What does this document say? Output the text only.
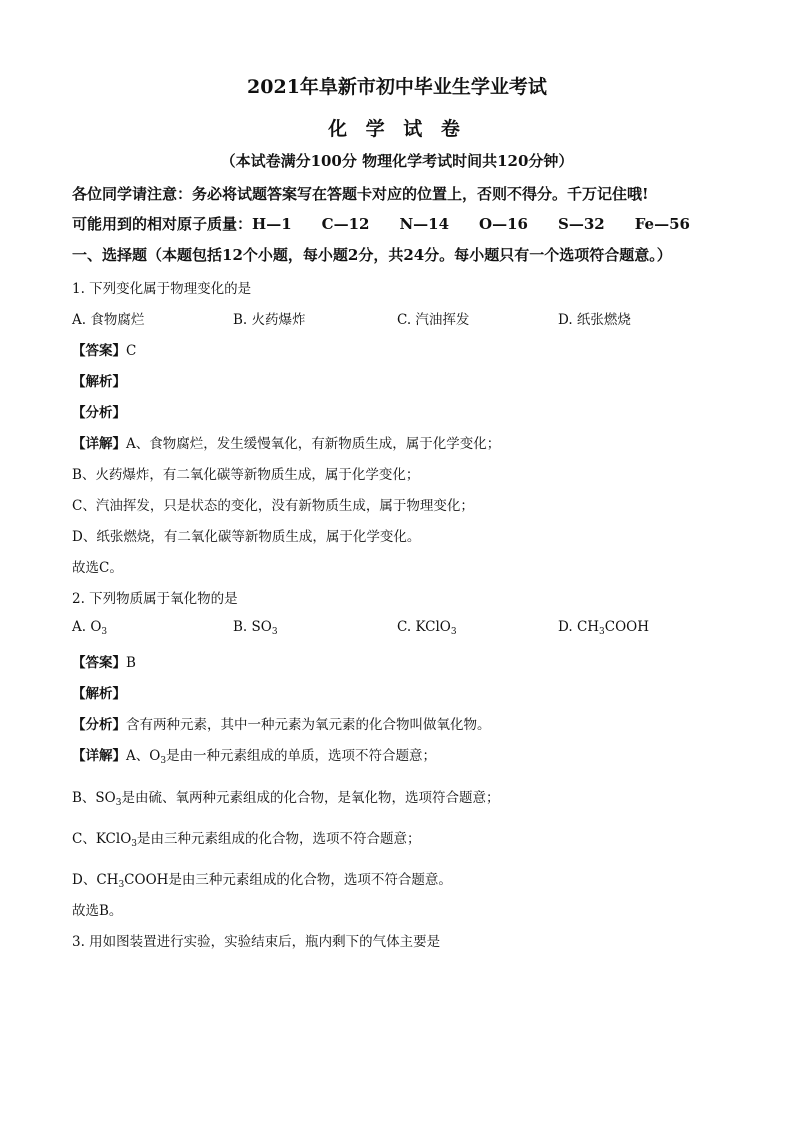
2021年阜新市初中毕业生学业考试
化 学 试 卷
（本试卷满分100分 物理化学考试时间共120分钟）
各位同学请注意：务必将试题答案写在答题卡对应的位置上，否则不得分。千万记住哦!
可能用到的相对原子质量：H—1 C—12 N—14 O—16 S—32 Fe—56
一、选择题（本题包括12个小题，每小题2分，共24分。每小题只有一个选项符合题意。）
1. 下列变化属于物理变化的是
A. 食物腐烂	B. 火药爆炸	C. 汽油挥发	D. 纸张燃烧
【答案】C
【解析】
【分析】
【详解】A、食物腐烂，发生缓慢氧化，有新物质生成，属于化学变化；
B、火药爆炸，有二氧化碳等新物质生成，属于化学变化；
C、汽油挥发，只是状态的变化，没有新物质生成，属于物理变化；
D、纸张燃烧，有二氧化碳等新物质生成，属于化学变化。
故选C。
2. 下列物质属于氧化物的是
A. $O_3$	B. $SO_3$	C. KClO$_3$	D. $CH_3COOH$
【答案】B
【解析】
【分析】含有两种元素，其中一种元素为氧元素的化合物叫做氧化物。
【详解】A、$O_3$是由一种元素组成的单质，选项不符合题意；
B、$SO_3$是由硫、氧两种元素组成的化合物，是氧化物，选项符合题意；
C、KClO$_3$是由三种元素组成的化合物，选项不符合题意；
D、$CH_3COOH$是由三种元素组成的化合物，选项不符合题意。
故选B。
3. 用如图装置进行实验，实验结束后，瓶内剩下的气体主要是
